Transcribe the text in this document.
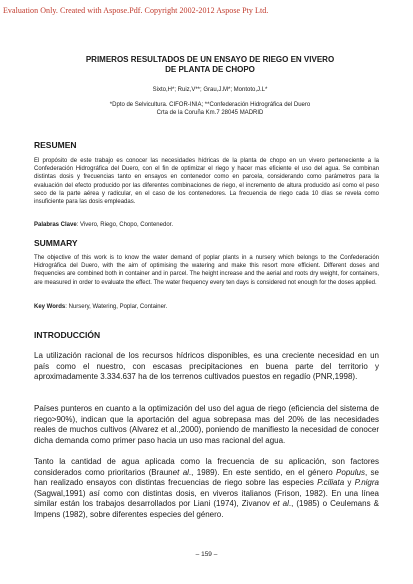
Evaluation Only. Created with Aspose.Pdf. Copyright 2002-2012 Aspose Pty Ltd.
PRIMEROS RESULTADOS DE UN ENSAYO DE RIEGO EN VIVERO
DE PLANTA DE CHOPO
Sixto,H*; Ruiz,V**; Grau,J.M*; Montoto,J.L*
*Dpto de Selvicultura. CIFOR-INIA; **Confederación Hidrográfica del Duero
Crta de la Coruña Km.7 28045 MADRID
RESUMEN
El propósito de este trabajo es conocer las necesidades hídricas de la planta de chopo en un vivero perteneciente a la Confederación Hidrográfica del Duero, con el fin de optimizar el riego y hacer mas eficiente el uso del agua. Se combinan distintas dosis y frecuencias tanto en ensayos en contenedor como en parcela, considerando como parámetros para la evaluación del efecto producido por las diferentes combinaciones de riego, el incremento de altura producido así como el peso seco de la parte aérea y radicular, en el caso de los contenedores. La frecuencia de riego cada 10 días se revela como insuficiente para las dosis empleadas.
Palabras Clave: Vivero, Riego, Chopo, Contenedor.
SUMMARY
The objective of this work is to know the water demand of poplar plants in a nursery which belongs to the Confederación Hidrográfica del Duero, with the aim of optimising the watering and make this resort more efficient. Different doses and frequencies are combined both in container and in parcel. The height increase and the aerial and roots dry weight, for containers, are measured in order to evaluate the effect. The water frequency every ten days is considered not enough for the doses applied.
Key Words: Nursery, Watering, Poplar, Container.
INTRODUCCIÓN
La utilización racional de los recursos hídricos disponibles, es una creciente necesidad en un país como el nuestro, con escasas precipitaciones en buena parte del territorio y aproximadamente 3.334.637 ha de los terrenos cultivados puestos en regadío (PNR,1998).
Países punteros en cuanto a la optimización del uso del agua de riego (eficiencia del sistema de riego>90%), indican que la aportación del agua sobrepasa mas del 20% de las necesidades reales de muchos cultivos (Alvarez et al.,2000), poniendo de manifiesto la necesidad de conocer dicha demanda como primer paso hacia un uso mas racional del agua.
Tanto la cantidad de agua aplicada como la frecuencia de su aplicación, son factores considerados como prioritarios (Braunet al., 1989). En este sentido, en el género Populus, se han realizado ensayos con distintas frecuencias de riego sobre las especies P.ciliata y P.nigra (Sagwal,1991) así como con distintas dosis, en viveros italianos (Frison, 1982). En una línea similar están los trabajos desarrollados por Liani (1974), Zivanov et al., (1985) o Ceulemans & Impens (1982), sobre diferentes especies del género.
– 159 –
